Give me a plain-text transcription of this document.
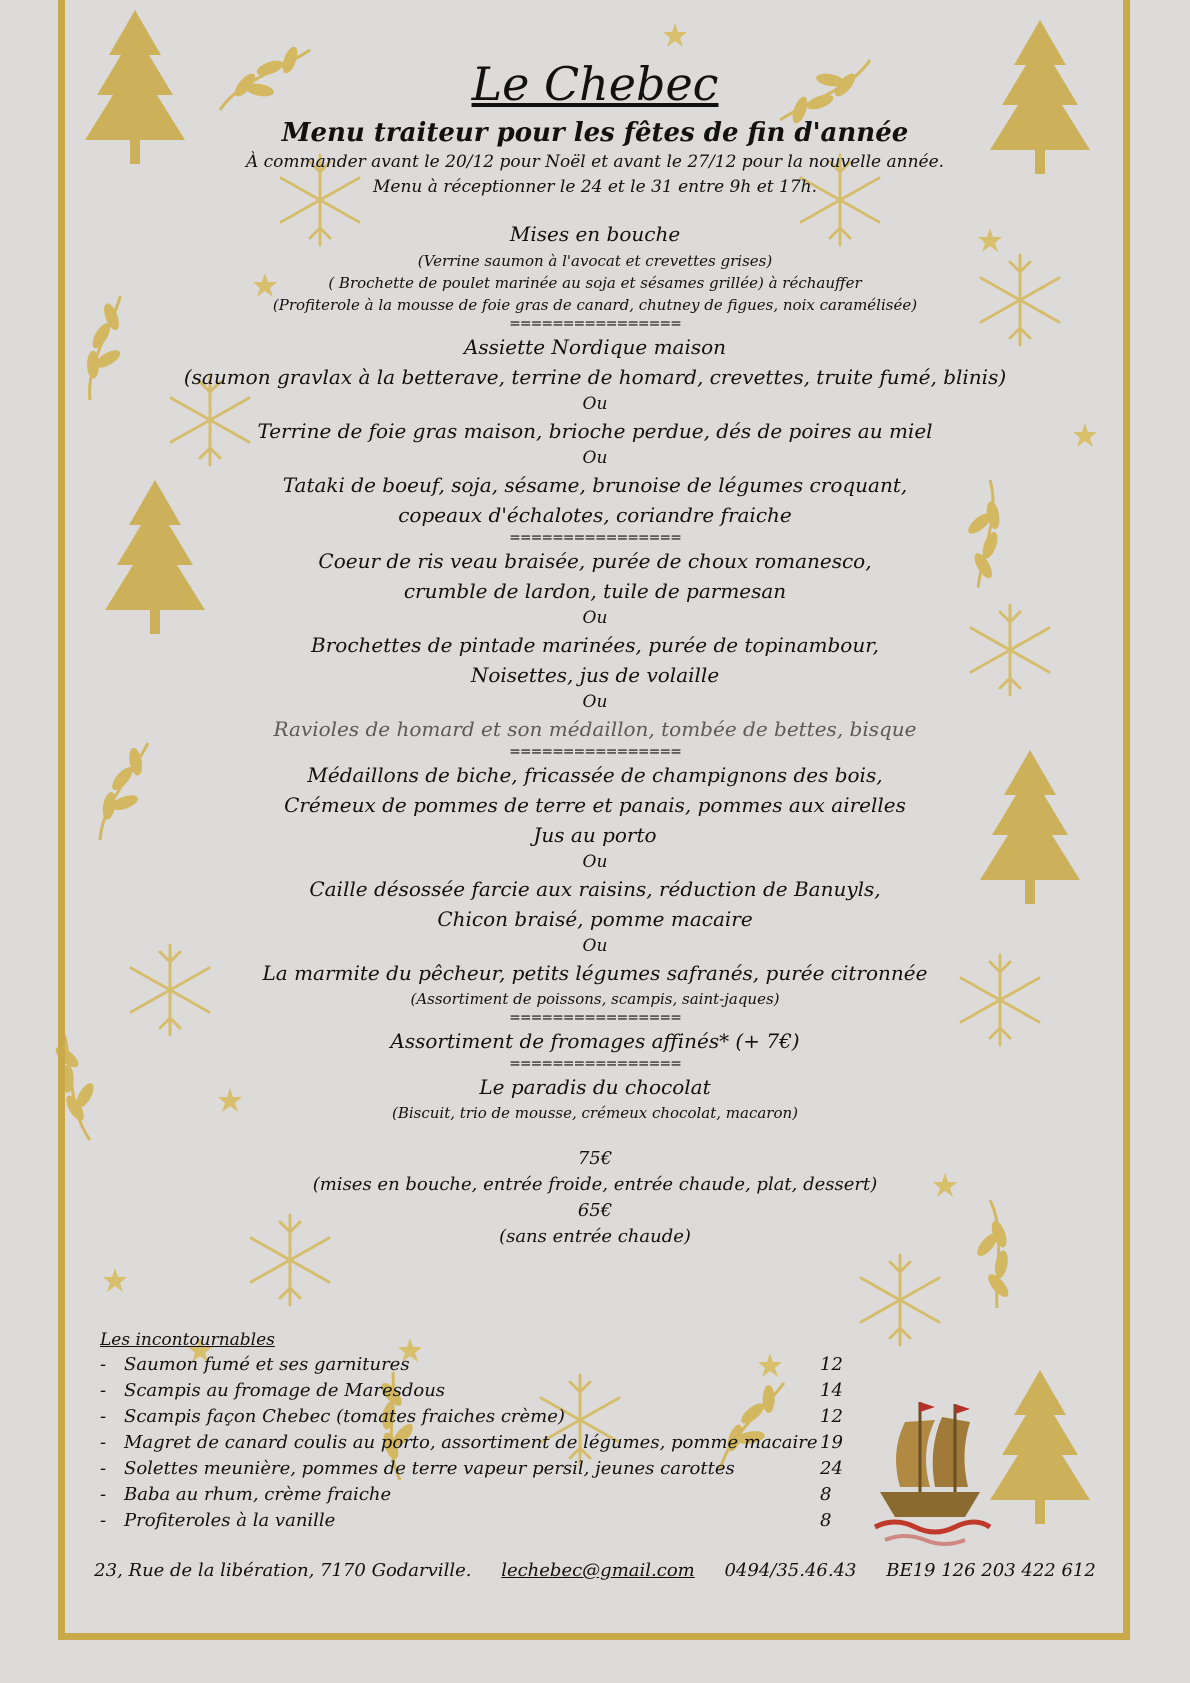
Le Chebec
Menu traiteur pour les fêtes de fin d'année
À commander avant le 20/12 pour Noël et avant le 27/12 pour la nouvelle année.
Menu à réceptionner le 24 et le 31 entre 9h et 17h.
Mises en bouche
(Verrine saumon à l'avocat et crevettes grises)
( Brochette de poulet marinée au soja et sésames grillée) à réchauffer
(Profiterole à la mousse de foie gras de canard, chutney de figues, noix caramélisée)
================
Assiette Nordique maison
(saumon gravlax à la betterave, terrine de homard, crevettes, truite fumé, blinis)
Ou
Terrine de foie gras maison, brioche perdue, dés de poires au miel
Ou
Tataki de boeuf, soja, sésame, brunoise de légumes croquant,
copeaux d'échalotes, coriandre fraiche
================
Coeur de ris veau braisée, purée de choux romanesco,
crumble de lardon, tuile de parmesan
Ou
Brochettes de pintade marinées, purée de topinambour,
Noisettes, jus de volaille
Ou
Ravioles de homard et son médaillon, tombée de bettes, bisque
================
Médaillons de biche, fricassée de champignons des bois,
Crémeux de pommes de terre et panais, pommes aux airelles
Jus au porto
Ou
Caille désossée farcie aux raisins, réduction de Banuyls,
Chicon braisé, pomme macaire
Ou
La marmite du pêcheur, petits légumes safranés, purée citronnée
(Assortiment de poissons, scampis, saint-jaques)
================
Assortiment de fromages affinés* (+ 7€)
================
Le paradis du chocolat
(Biscuit, trio de mousse, crémeux chocolat, macaron)
75€
(mises en bouche, entrée froide, entrée chaude, plat, dessert)
65€
(sans entrée chaude)
Les incontournables
- Saumon fumé et ses garnitures	12
- Scampis au fromage de Maresdous	14
- Scampis façon Chebec (tomates fraiches crème)	12
- Magret de canard coulis au porto, assortiment de légumes, pomme macaire 19
- Solettes meunière, pommes de terre vapeur persil, jeunes carottes	24
- Baba au rhum, crème fraiche	8
- Profiteroles à la vanille	8
23, Rue de la libération, 7170 Godarville. lechebec@gmail.com 0494/35.46.43 BE19 126 203 422 612
